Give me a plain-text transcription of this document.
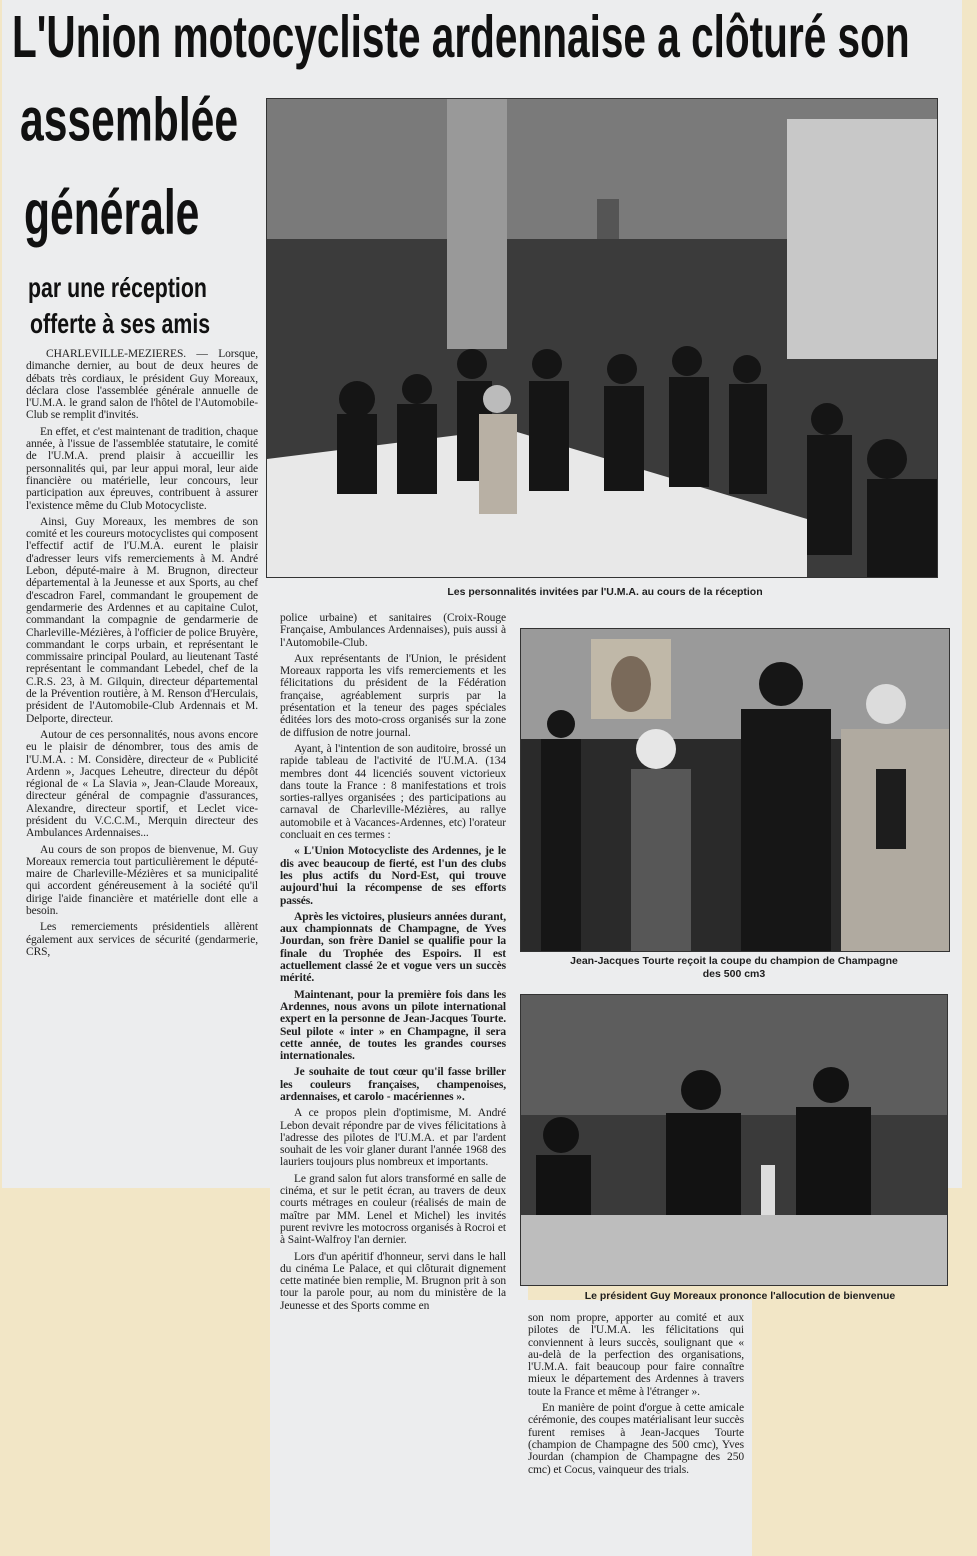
L'Union motocycliste ardennaise a clôturé son
assemblée
générale
par une réception
offerte à ses amis
Les personnalités invitées par l'U.M.A. au cours de la réception
Jean-Jacques Tourte reçoit la coupe du champion de Champagne
des 500 cm3
Le président Guy Moreaux prononce l'allocution de bienvenue

CHARLEVILLE-MEZIERES. — Lorsque, dimanche dernier, au bout de deux heures de débats très cordiaux, le président Guy Moreaux, déclara close l'assemblée générale annuelle de l'U.M.A. le grand salon de l'hôtel de l'Automobile-Club se remplit d'invités.

En effet, et c'est maintenant de tradition, chaque année, à l'issue de l'assemblée statutaire, le comité de l'U.M.A. prend plaisir à accueillir les personnalités qui, par leur appui moral, leur aide financière ou matérielle, leur concours, leur participation aux épreuves, contribuent à assurer l'existence même du Club Motocycliste.

Ainsi, Guy Moreaux, les membres de son comité et les coureurs motocyclistes qui composent l'effectif actif de l'U.M.A. eurent le plaisir d'adresser leurs vifs remerciements à M. André Lebon, député-maire à M. Brugnon, directeur départemental à la Jeunesse et aux Sports, au chef d'escadron Farel, commandant le groupement de gendarmerie des Ardennes et au capitaine Culot, commandant la compagnie de gendarmerie de Charleville-Mézières, à l'officier de police Bruyère, commandant le corps urbain, et représentant le commissaire principal Poulard, au lieutenant Tasté représentant le commandant Lebedel, chef de la C.R.S. 23, à M. Gilquin, directeur départemental de la Prévention routière, à M. Renson d'Herculais, président de l'Automobile-Club Ardennais et M. Delporte, directeur.

Autour de ces personnalités, nous avons encore eu le plaisir de dénombrer, tous des amis de l'U.M.A. : M. Considère, directeur de « Publicité Ardenn », Jacques Leheutre, directeur du dépôt régional de « La Slavia », Jean-Claude Moreaux, directeur général de compagnie d'assurances, Alexandre, directeur sportif, et Leclet vice-président du V.C.C.M., Merquin directeur des Ambulances Ardennaises...

Au cours de son propos de bienvenue, M. Guy Moreaux remercia tout particulièrement le député-maire de Charleville-Mézières et sa municipalité qui accordent généreusement à la société qu'il dirige l'aide financière et matérielle dont elle a besoin.

Les remerciements présidentiels allèrent également aux services de sécurité (gendarmerie, CRS,

police urbaine) et sanitaires (Croix-Rouge Française, Ambulances Ardennaises), puis aussi à l'Automobile-Club.

Aux représentants de l'Union, le président Moreaux rapporta les vifs remerciements et les félicitations du président de la Fédération française, agréablement surpris par la présentation et la teneur des pages spéciales éditées lors des moto-cross organisés sur la zone de diffusion de notre journal.

Ayant, à l'intention de son auditoire, brossé un rapide tableau de l'activité de l'U.M.A. (134 membres dont 44 licenciés souvent victorieux dans toute la France : 8 manifestations et trois sorties-rallyes organisées ; des participations au carnaval de Charleville-Mézières, au rallye automobile et à Vacances-Ardennes, etc) l'orateur concluait en ces termes :

« L'Union Motocycliste des Ardennes, je le dis avec beaucoup de fierté, est l'un des clubs les plus actifs du Nord-Est, qui trouve aujourd'hui la récompense de ses efforts passés.

Après les victoires, plusieurs années durant, aux championnats de Champagne, de Yves Jourdan, son frère Daniel se qualifie pour la finale du Trophée des Espoirs. Il est actuellement classé 2e et vogue vers un succès mérité.

Maintenant, pour la première fois dans les Ardennes, nous avons un pilote international expert en la personne de Jean-Jacques Tourte. Seul pilote « inter » en Champagne, il sera cette année, de toutes les grandes courses internationales.

Je souhaite de tout cœur qu'il fasse briller les couleurs françaises, champenoises, ardennaises, et carolo - macériennes ».

A ce propos plein d'optimisme, M. André Lebon devait répondre par de vives félicitations à l'adresse des pilotes de l'U.M.A. et par l'ardent souhait de les voir glaner durant l'année 1968 des lauriers toujours plus nombreux et importants.

Le grand salon fut alors transformé en salle de cinéma, et sur le petit écran, au travers de deux courts métrages en couleur (réalisés de main de maître par MM. Lenel et Michel) les invités purent revivre les motocross organisés à Rocroi et à Saint-Walfroy l'an dernier.

Lors d'un apéritif d'honneur, servi dans le hall du cinéma Le Palace, et qui clôturait dignement cette matinée bien remplie, M. Brugnon prit à son tour la parole pour, au nom du ministère de la Jeunesse et des Sports comme en

son nom propre, apporter au comité et aux pilotes de l'U.M.A. les félicitations qui conviennent à leurs succès, soulignant que « au-delà de la perfection des organisations, l'U.M.A. fait beaucoup pour faire connaître mieux le département des Ardennes à travers toute la France et même à l'étranger ».

En manière de point d'orgue à cette amicale cérémonie, des coupes matérialisant leur succès furent remises à Jean-Jacques Tourte (champion de Champagne des 500 cmc), Yves Jourdan (champion de Champagne des 250 cmc) et Cocus, vainqueur des trials.
